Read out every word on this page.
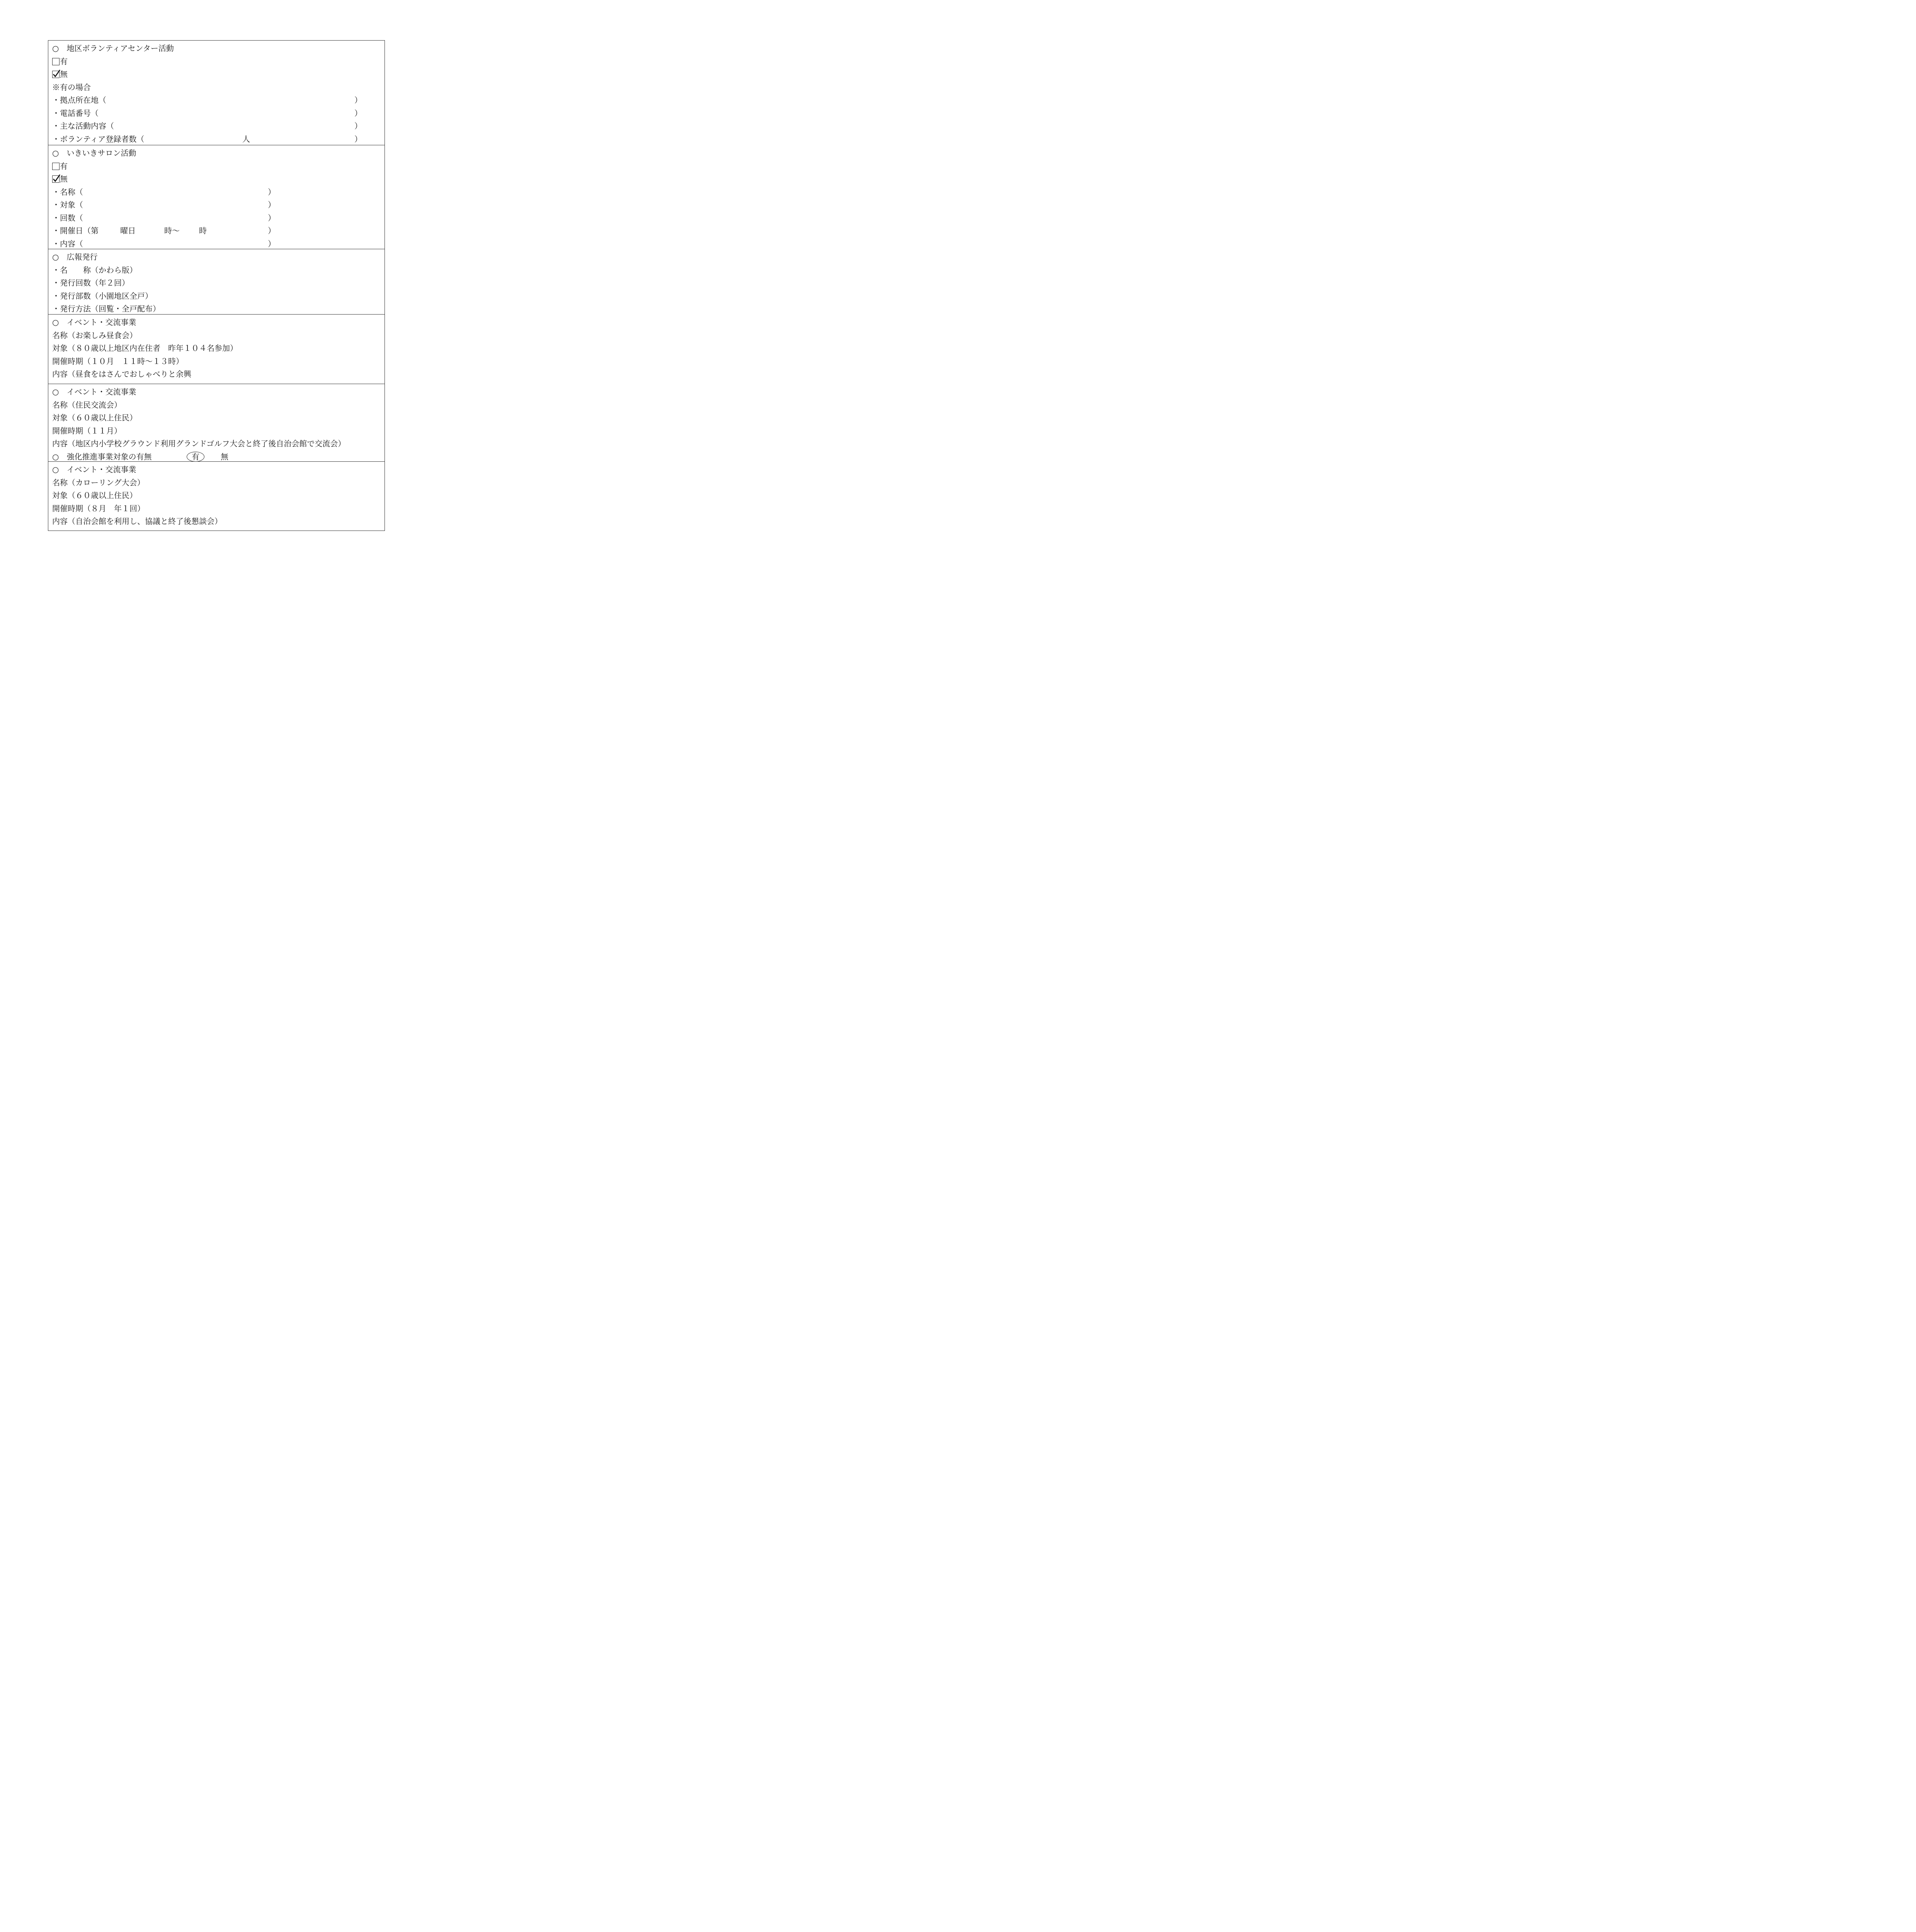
○　地区ボランティアセンター活動
有
無
※有の場合
・拠点所在地（	）
・電話番号（	）
・主な活動内容（	）
・ボランティア登録者数（	人	）
○　いきいきサロン活動
有
無
・名称（	）
・対象（	）
・回数（	）
・開催日（第	曜日	時〜	時	）
・内容（	）
○　広報発行
・名　　称（かわら版）
・発行回数（年２回）
・発行部数（小園地区全戸）
・発行方法（回覧・全戸配布）
○　イベント・交流事業
名称（お楽しみ昼食会）
対象（８０歳以上地区内在住者　昨年１０４名参加）
開催時期（１０月　１１時〜１３時）
内容（昼食をはさんでおしゃべりと余興
○　イベント・交流事業
名称（住民交流会）
対象（６０歳以上住民）
開催時期（１１月）
内容（地区内小学校グラウンド利用グランドゴルフ大会と終了後自治会館で交流会）
○　強化推進事業対象の有無	有	無
○　イベント・交流事業
名称（カローリング大会）
対象（６０歳以上住民）
開催時期（８月　年１回）
内容（自治会館を利用し、協議と終了後懇談会）
